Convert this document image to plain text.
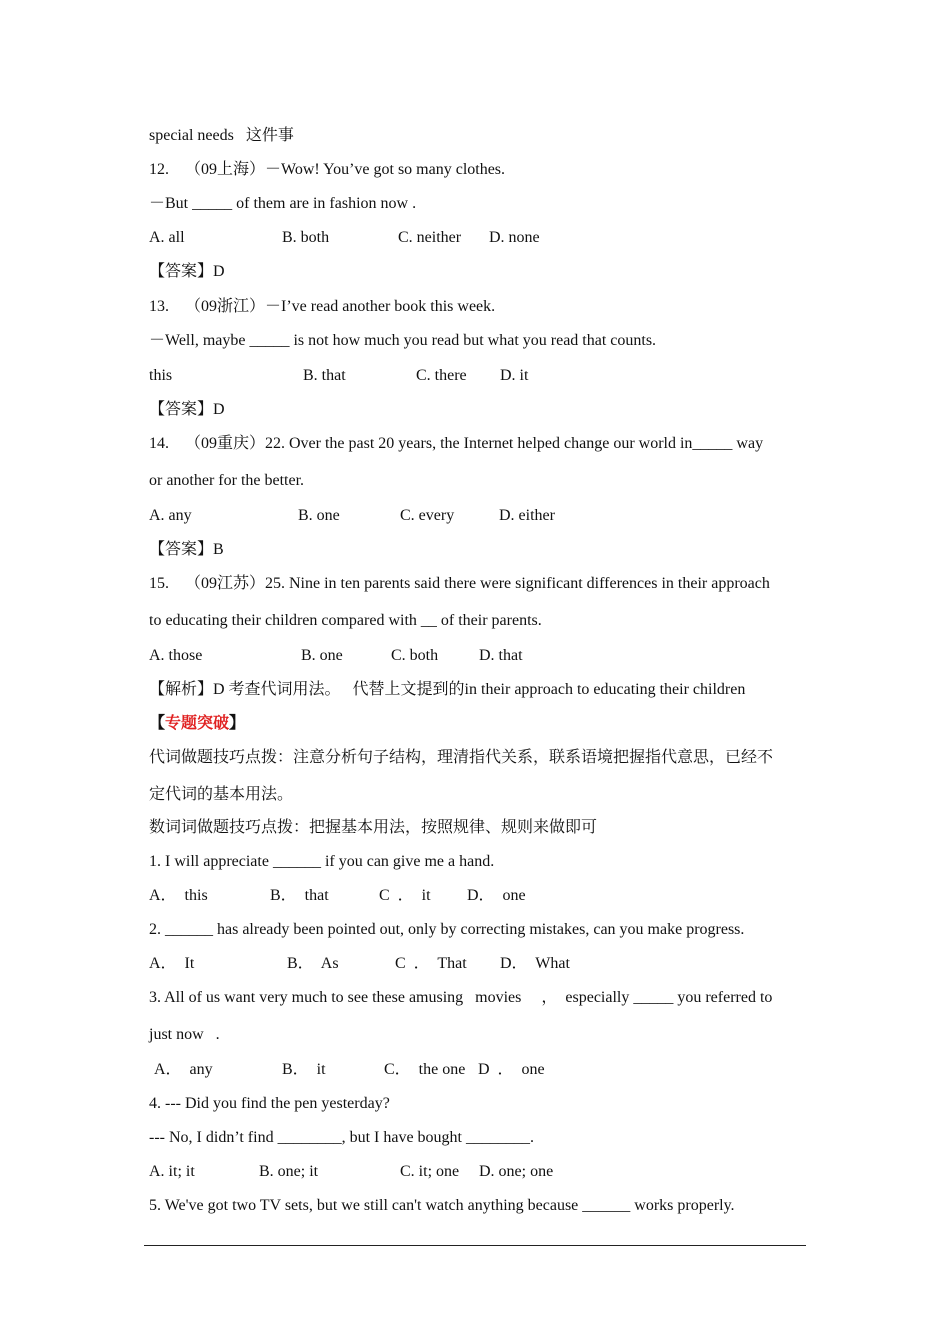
special needs   这件事
12.    （09上海）－Wow! You’ve got so many clothes.
－But _____ of them are in fashion now .

A. all

	B. both

	C. neither

D. none

【答案】D
13.    （09浙江）－I’ve read another book this week.
－Well, maybe _____ is not how much you read but what you read that counts.

this

	B. that

	C. there

D. it

【答案】D
14.    （09重庆）22. Over the past 20 years, the Internet helped change our world in_____ way
or another for the better.

A. any

	B. one

	C. every

	D. either

【答案】B
15.    （09江苏）25. Nine in ten parents said there were significant differences in their approach
to educating their children compared with __ of their parents.

A. those

	B. one

	C. both

	D. that

【解析】D 考查代词用法。   代替上文提到的in their approach to educating their children
【专题突破】
代词做题技巧点拨：注意分析句子结构，理清指代关系，联系语境把握指代意思，已经不
定代词的基本用法。
数词词做题技巧点拨：把握基本用法，按照规律、规则来做即可
1. I will appreciate ______ if you can give me a hand.

A．  this

	B．  that

	C  ．  it

D．  one

2. ______ has already been pointed out, only by correcting mistakes, can you make progress.

A．  It

	B．  As

	C  ．  That

D．  What

3. All of us want very much to see these amusing   movies     ，  especially _____ you referred to
just now   .

A．  any

	B．  it

	C．  the one

D  ．  one

4. --- Did you find the pen yesterday?
--- No, I didn’t find ________, but I have bought ________.

A. it; it

	B. one; it

	C. it; one

D. one; one

5. We've got two TV sets, but we still can't watch anything because ______ works properly.
